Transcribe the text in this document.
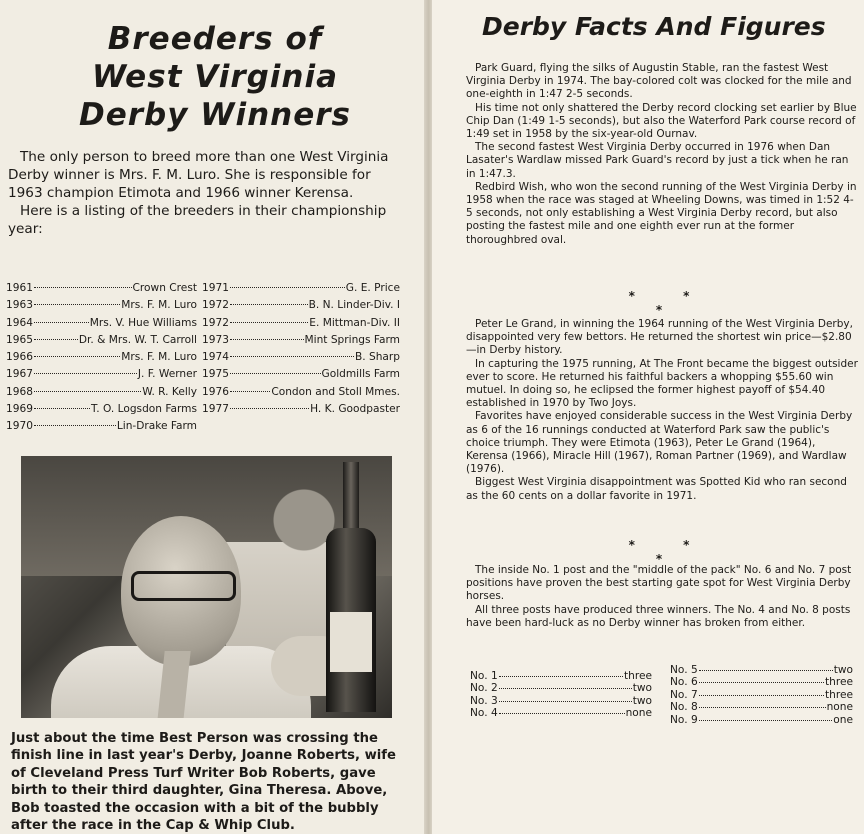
Breeders of
West Virginia
Derby Winners

The only person to breed more than one West Virginia Derby winner is Mrs. F. M. Luro. She is responsible for 1963 champion Etimota and 1966 winner Kerensa.

Here is a listing of the breeders in their championship year:

1961	Crown Crest
1963	Mrs. F. M. Luro
1964	Mrs. V. Hue Williams
1965	Dr. & Mrs. W. T. Carroll
1966	Mrs. F. M. Luro
1967	J. F. Werner
1968	W. R. Kelly
1969	T. O. Logsdon Farms
1970	Lin-Drake Farm
1971	G. E. Price
1972	B. N. Linder-Div. I
1972	E. Mittman-Div. II
1973	Mint Springs Farm
1974	B. Sharp
1975	Goldmills Farm
1976	Condon and Stoll Mmes.
1977	H. K. Goodpaster
Just about the time Best Person was crossing the finish line in last year's Derby, Joanne Roberts, wife of Cleveland Press Turf Writer Bob Roberts, gave birth to their third daughter, Gina Theresa. Above, Bob toasted the occasion with a bit of the bubbly after the race in the Cap & Whip Club.
Derby Facts And Figures

Park Guard, flying the silks of Augustin Stable, ran the fastest West Virginia Derby in 1974. The bay-colored colt was clocked for the mile and one-eighth in 1:47 2-5 seconds.

His time not only shattered the Derby record clocking set earlier by Blue Chip Dan (1:49 1-5 seconds), but also the Waterford Park course record of 1:49 set in 1958 by the six-year-old Ournav.

The second fastest West Virginia Derby occurred in 1976 when Dan Lasater's Wardlaw missed Park Guard's record by just a tick when he ran in 1:47.3.

Redbird Wish, who won the second running of the West Virginia Derby in 1958 when the race was staged at Wheeling Downs, was timed in 1:52 4-5 seconds, not only establishing a West Virginia Derby record, but also posting the fastest mile and one eighth ever run at the former thoroughbred oval.

* * *

Peter Le Grand, in winning the 1964 running of the West Virginia Derby, disappointed very few bettors. He returned the shortest win price—$2.80—in Derby history.

In capturing the 1975 running, At The Front became the biggest outsider ever to score. He returned his faithful backers a whopping $55.60 win mutuel. In doing so, he eclipsed the former highest payoff of $54.40 established in 1970 by Two Joys.

Favorites have enjoyed considerable success in the West Virginia Derby as 6 of the 16 runnings conducted at Waterford Park saw the public's choice triumph. They were Etimota (1963), Peter Le Grand (1964), Kerensa (1966), Miracle Hill (1967), Roman Partner (1969), and Wardlaw (1976).

Biggest West Virginia disappointment was Spotted Kid who ran second as the 60 cents on a dollar favorite in 1971.

* * *

The inside No. 1 post and the "middle of the pack" No. 6 and No. 7 post positions have proven the best starting gate spot for West Virginia Derby horses.

All three posts have produced three winners. The No. 4 and No. 8 posts have been hard-luck as no Derby winner has broken from either.

No. 1	three
No. 2	two
No. 3	two
No. 4	none
No. 5	two
No. 6	three
No. 7	three
No. 8	none
No. 9	one
